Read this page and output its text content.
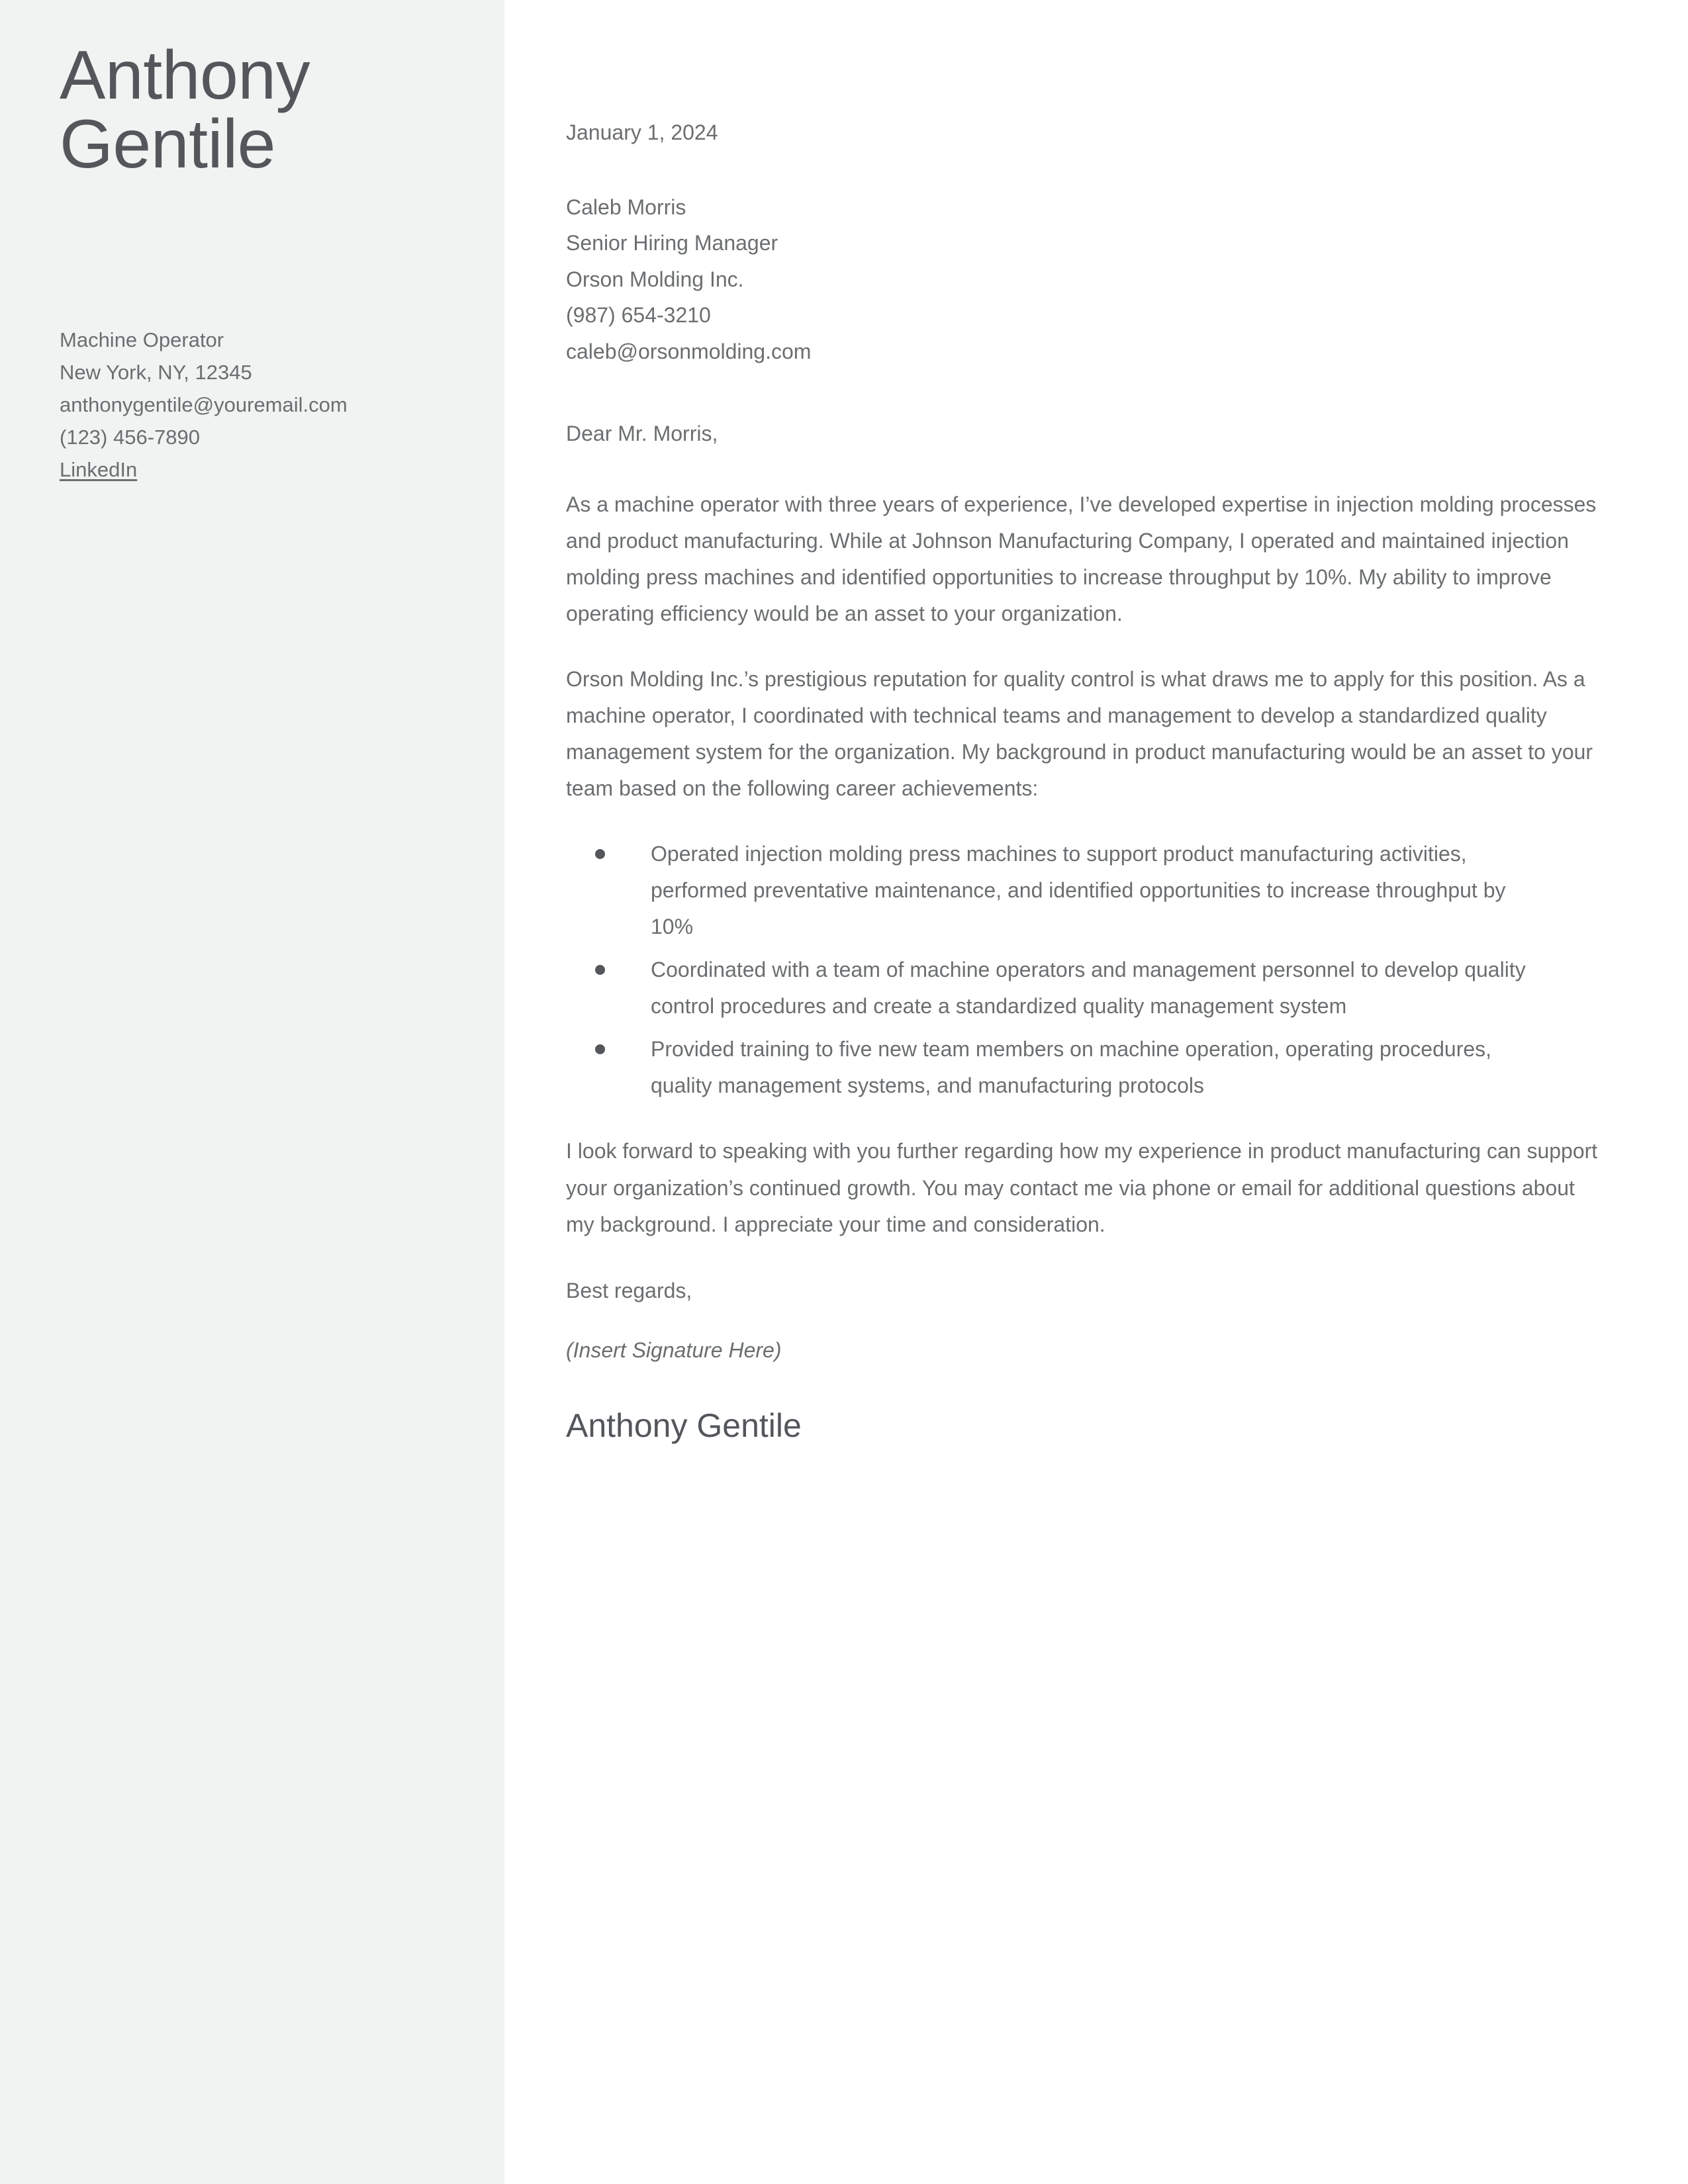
Anthony
Gentile
Machine Operator
New York, NY, 12345
anthonygentile@youremail.com
(123) 456-7890
LinkedIn
January 1, 2024
Caleb Morris
Senior Hiring Manager
Orson Molding Inc.
(987) 654-3210
caleb@orsonmolding.com
Dear Mr. Morris,

As a machine operator with three years of experience, I’ve developed expertise in injection molding processes and product manufacturing. While at Johnson Manufacturing Company, I operated and maintained injection molding press machines and identified opportunities to increase throughput by 10%. My ability to improve operating efficiency would be an asset to your organization.

Orson Molding Inc.’s prestigious reputation for quality control is what draws me to apply for this position. As a machine operator, I coordinated with technical teams and management to develop a standardized quality management system for the organization. My background in product manufacturing would be an asset to your team based on the following career achievements:

Operated injection molding press machines to support product manufacturing activities, performed preventative maintenance, and identified opportunities to increase throughput by 10%
Coordinated with a team of machine operators and management personnel to develop quality control procedures and create a standardized quality management system
Provided training to five new team members on machine operation, operating procedures, quality management systems, and manufacturing protocols

I look forward to speaking with you further regarding how my experience in product manufacturing can support your organization’s continued growth. You may contact me via phone or email for additional questions about my background. I appreciate your time and consideration.

Best regards,

(Insert Signature Here)

Anthony Gentile
